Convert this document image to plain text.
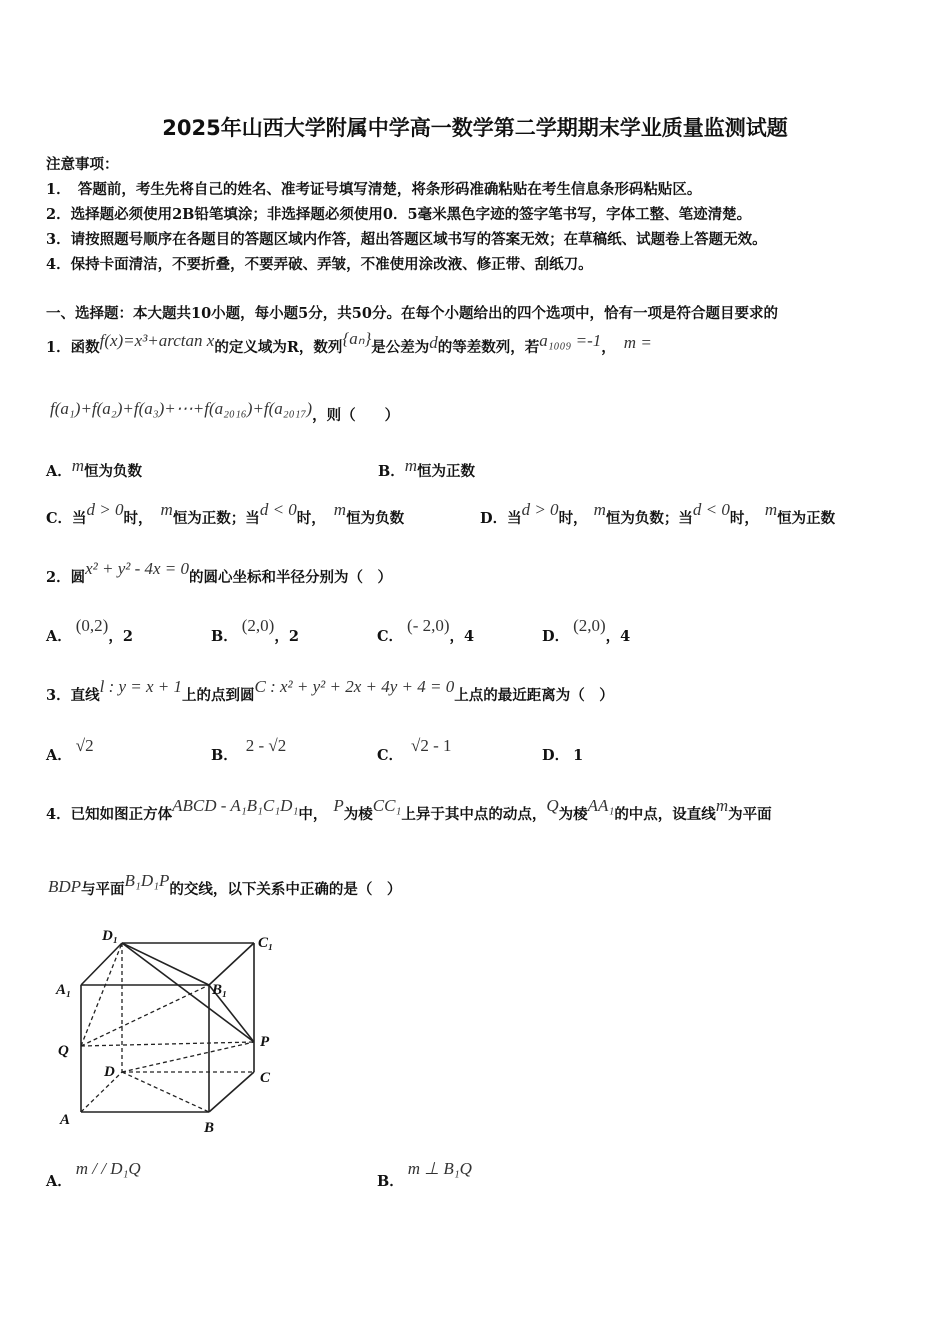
2025年山西大学附属中学高一数学第二学期期末学业质量监测试题
注意事项：
1．　答题前，考生先将自己的姓名、准考证号填写清楚，将条形码准确粘贴在考生信息条形码粘贴区。
2．选择题必须使用2B铅笔填涂；非选择题必须使用0．5毫米黑色字迹的签字笔书写，字体工整、笔迹清楚。
3．请按照题号顺序在各题目的答题区域内作答，超出答题区域书写的答案无效；在草稿纸、试题卷上答题无效。
4．保持卡面清洁，不要折叠，不要弄破、弄皱，不准使用涂改液、修正带、刮纸刀。
一、选择题：本大题共10小题，每小题5分，共50分。在每个小题给出的四个选项中，恰有一项是符合题目要求的
1．函数f(x)=x³+arctan x的定义域为R，数列{aₙ}是公差为d的等差数列，若a₁₀₀₉ =-1， m =
f(a₁)+f(a₂)+f(a₃)+⋯+f(a₂₀₁₆)+f(a₂₀₁₇)，则（　　）
A．m恒为负数	B．m恒为正数
C．当d > 0时， m恒为正数；当d < 0时， m恒为负数	D．当d > 0时， m恒为负数；当d < 0时， m恒为正数
2．圆x² + y² - 4x = 0的圆心坐标和半径分别为（　）
A．(0,2)，2	B．(2,0)，2	C．(- 2,0)，4	D．(2,0)，4
3．直线l : y = x + 1上的点到圆C : x² + y² + 2x + 4y + 4 = 0上点的最近距离为（　）
A．√2
B．2 - √2
C．√2 - 1
D． 1
4．已知如图正方体ABCD - A₁B₁C₁D₁中， P为棱CC₁上异于其中点的动点，Q为棱AA₁的中点，设直线m为平面
BDP与平面B₁D₁P的交线，以下关系中正确的是（　）
D₁	C₁
A₁	B₁
Q
P
D	C
A	B
A．m / / D₁Q
B．m ⊥ B₁Q
